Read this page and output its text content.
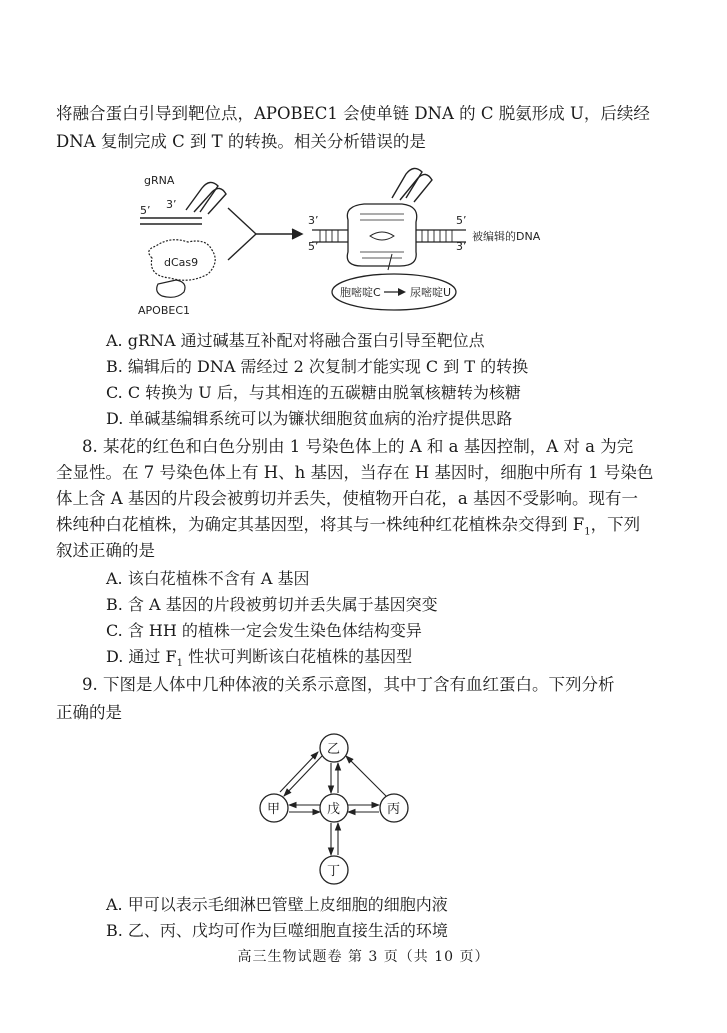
将融合蛋白引导到靶位点，APOBEC1 会使单链 DNA 的 C 脱氨形成 U，后续经
DNA 复制完成 C 到 T 的转换。相关分析错误的是
gRNA
5’ 3’
dCas9
APOBEC1
3’
5’
5’
3’
被编辑的DNA
胞嘧啶C	尿嘧啶U
A. gRNA 通过碱基互补配对将融合蛋白引导至靶位点
B. 编辑后的 DNA 需经过 2 次复制才能实现 C 到 T 的转换
C. C 转换为 U 后，与其相连的五碳糖由脱氧核糖转为核糖
D. 单碱基编辑系统可以为镰状细胞贫血病的治疗提供思路
8. 某花的红色和白色分别由 1 号染色体上的 A 和 a 基因控制，A 对 a 为完
全显性。在 7 号染色体上有 H、h 基因，当存在 H 基因时，细胞中所有 1 号染色
体上含 A 基因的片段会被剪切并丢失，使植物开白花，a 基因不受影响。现有一
株纯种白花植株，为确定其基因型，将其与一株纯种红花植株杂交得到 $F_1$，下列
叙述正确的是
A. 该白花植株不含有 A 基因
B. 含 A 基因的片段被剪切并丢失属于基因突变
C. 含 HH 的植株一定会发生染色体结构变异
D. 通过 $F_1$ 性状可判断该白花植株的基因型
9. 下图是人体中几种体液的关系示意图，其中丁含有血红蛋白。下列分析
正确的是
乙
甲	戊	丙
丁
A. 甲可以表示毛细淋巴管壁上皮细胞的细胞内液
B. 乙、丙、戊均可作为巨噬细胞直接生活的环境
高三生物试题卷 第 3 页（共 10 页）
